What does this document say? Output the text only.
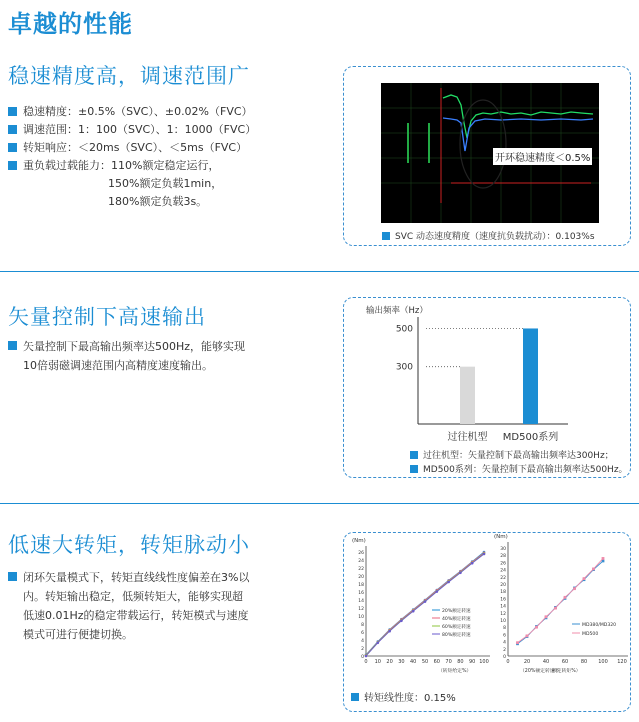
卓越的性能
稳速精度高，调速范围广
稳速精度：±0.5%（SVC）、±0.02%（FVC）
调速范围：1：100（SVC）、1：1000（FVC）
转矩响应：＜20ms（SVC）、＜5ms（FVC）
重负载过载能力：110%额定稳定运行，
150%额定负载1min，
180%额定负载3s。
开环稳速精度＜0.5%
SVC 动态速度精度（速度抗负载扰动）：0.103%s
矢量控制下高速输出
矢量控制下最高输出频率达500Hz，能够实现10倍弱磁调速范围内高精度速度输出。
输出频率（Hz）
过往机型 MD500系列
300
500
过往机型：矢量控制下最高输出频率达300Hz；
MD500系列：矢量控制下最高输出频率达500Hz。
低速大转矩，转矩脉动小
闭环矢量模式下，转矩直线线性度偏差在3%以内。转矩输出稳定，低频转矩大，能够实现超低速0.01Hz的稳定带载运行，转矩模式与速度模式可进行便捷切换。
(Nm)
0
2
4
6
8
10
12
14
16
18
20
22
24
26
0 10 20 30 40 50 60 70 80 90 100
（转矩给定%）
20%额定转速
40%额定转速
60%额定转速
80%额定转速
(Nm)
0
2
4
6
8
10
12
14
16
18
20
22
24
26
28
30
0	20	40	60	80 100 120
（20%额定转速下
额定转矩%）
MD380/MD320
MD500
转矩线性度：0.15%
